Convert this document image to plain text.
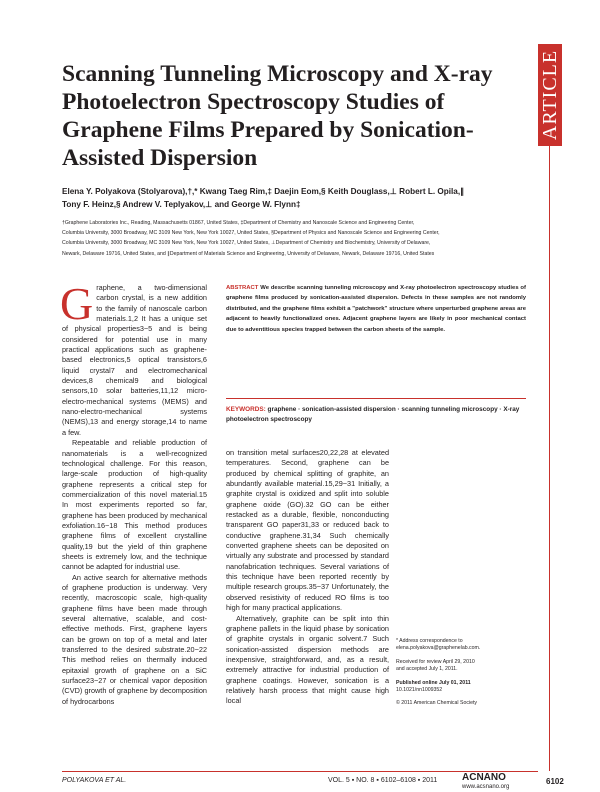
ARTICLE
Scanning Tunneling Microscopy and X-ray Photoelectron Spectroscopy Studies of Graphene Films Prepared by Sonication-Assisted Dispersion
Elena Y. Polyakova (Stolyarova),†,* Kwang Taeg Rim,‡ Daejin Eom,§ Keith Douglass,⊥ Robert L. Opila,∥
Tony F. Heinz,§ Andrew V. Teplyakov,⊥ and George W. Flynn‡
†Graphene Laboratories Inc., Reading, Massachusetts 01867, United States, ‡Department of Chemistry and Nanoscale Science and Engineering Center,
Columbia University, 3000 Broadway, MC 3109 New York, New York 10027, United States, §Department of Physics and Nanoscale Science and Engineering Center,
Columbia University, 3000 Broadway, MC 3109 New York, New York 10027, United States, ⊥Department of Chemistry and Biochemistry, University of Delaware,
Newark, Delaware 19716, United States, and ∥Department of Materials Science and Engineering, University of Delaware, Newark, Delaware 19716, United States

Graphene, a two-dimensional carbon crystal, is a new addition to the family of nanoscale carbon materials.1,2 It has a unique set of physical properties3−5 and is being considered for potential use in many practical applications such as graphene-based electronics,5 optical transistors,6 liquid crystal7 and electromechanical devices,8 chemical9 and biological sensors,10 solar batteries,11,12 micro-electro-mechanical systems (MEMS) and nano-electro-mechanical systems (NEMS),13 and energy storage,14 to name a few.

Repeatable and reliable production of nanomaterials is a well-recognized technological challenge. For this reason, large-scale production of high-quality graphene represents a critical step for commercialization of this novel material.15 In most experiments reported so far, graphene has been produced by mechanical exfoliation.16−18 This method produces graphene films of excellent crystalline quality,19 but the yield of thin graphene sheets is extremely low, and the technique cannot be adapted for industrial use.

An active search for alternative methods of graphene production is underway. Very recently, macroscopic scale, high-quality graphene films have been made through several alternative, scalable, and cost-effective methods. First, graphene layers can be grown on top of a metal and later transferred to the desired substrate.20−22 This method relies on thermally induced epitaxial growth of graphene on a SiC surface23−27 or chemical vapor deposition (CVD) growth of graphene by decomposition of hydrocarbons

ABSTRACT We describe scanning tunneling microscopy and X-ray photoelectron spectroscopy studies of graphene films produced by sonication-assisted dispersion. Defects in these samples are not randomly distributed, and the graphene films exhibit a "patchwork" structure where unperturbed graphene areas are adjacent to heavily functionalized ones. Adjacent graphene layers are likely in poor mechanical contact due to adventitious species trapped between the carbon sheets of the sample.
KEYWORDS: graphene · sonication-assisted dispersion · scanning tunneling microscopy · X-ray photoelectron spectroscopy

on transition metal surfaces20,22,28 at elevated temperatures. Second, graphene can be produced by chemical splitting of graphite, an abundantly available material.15,29−31 Initially, a graphite crystal is oxidized and split into soluble graphene oxide (GO).32 GO can be either restacked as a durable, flexible, nonconducting transparent GO paper31,33 or reduced back to conductive graphene.31,34 Such chemically converted graphene sheets can be deposited on virtually any substrate and processed by standard nanofabrication techniques. Several variations of this technique have been reported recently by multiple research groups.35−37 Unfortunately, the observed resistivity of reduced RO films is too high for many practical applications.

Alternatively, graphite can be split into thin graphene pallets in the liquid phase by sonication of graphite crystals in organic solvent.7 Such sonication-assisted dispersion methods are inexpensive, straightforward, and, as a result, extremely attractive for industrial production of graphene coatings. However, sonication is a relatively harsh process that might cause high local

* Address correspondence to
elena.polyakova@graphenelab.com.
Received for review April 29, 2010
and accepted July 1, 2011.
Published online July 01, 2011
10.1021/nn1009352
© 2011 American Chemical Society
POLYAKOVA ET AL.	VOL. 5 ▪ NO. 8 ▪ 6102–6108 ▪ 2011 ACNANO
www.acsnano.org
6102
